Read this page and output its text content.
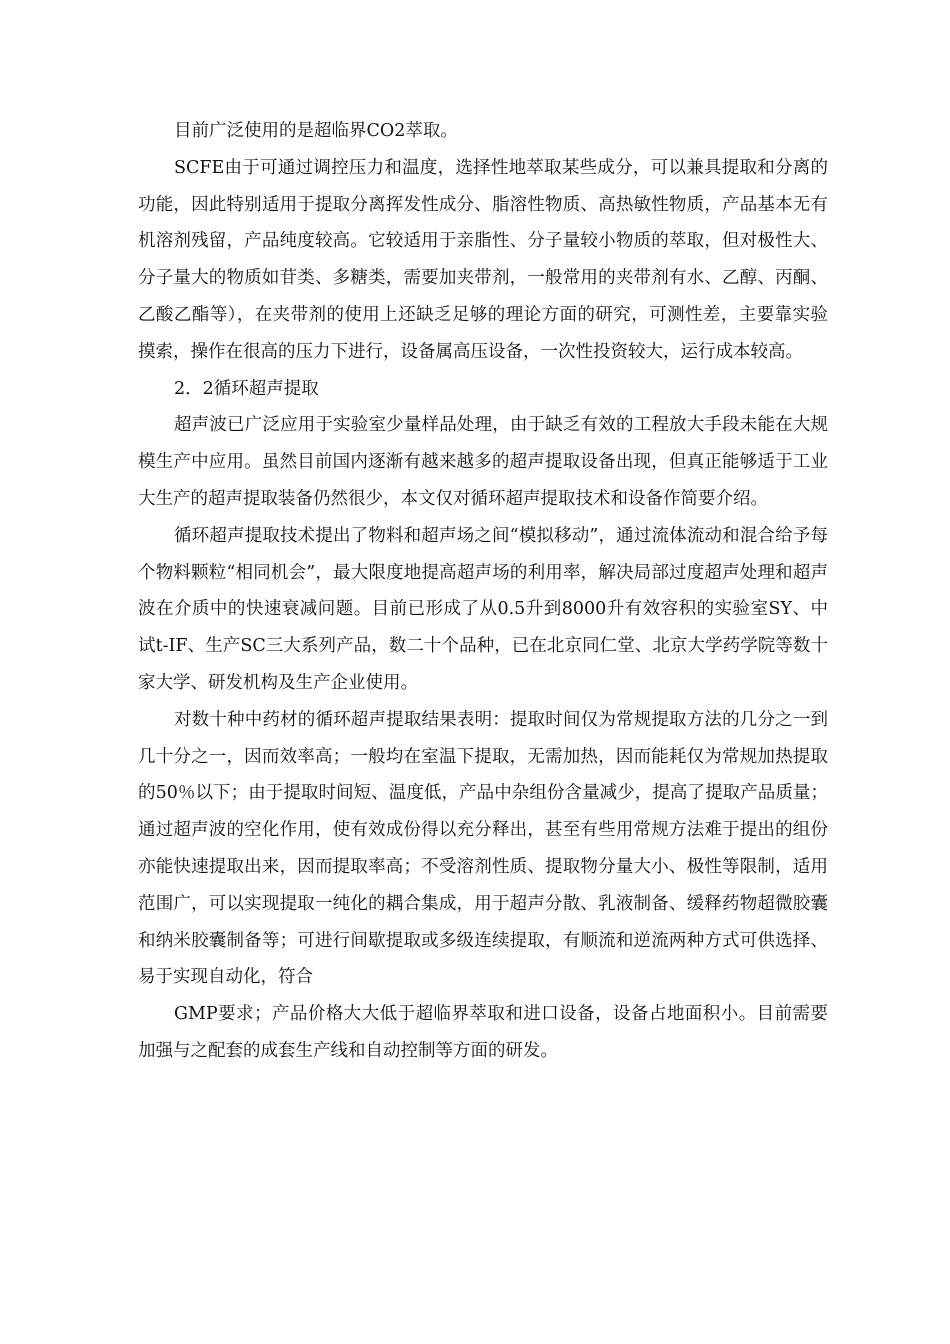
目前广泛使用的是超临界CO2萃取。

SCFE由于可通过调控压力和温度，选择性地萃取某些成分，可以兼具提取和分离的功能，因此特别适用于提取分离挥发性成分、脂溶性物质、高热敏性物质，产品基本无有机溶剂残留，产品纯度较高。它较适用于亲脂性、分子量较小物质的萃取，但对极性大、分子量大的物质如苷类、多糖类，需要加夹带剂，一般常用的夹带剂有水、乙醇、丙酮、乙酸乙酯等），在夹带剂的使用上还缺乏足够的理论方面的研究，可测性差，主要靠实验摸索，操作在很高的压力下进行，设备属高压设备，一次性投资较大，运行成本较高。

2．2循环超声提取

超声波已广泛应用于实验室少量样品处理，由于缺乏有效的工程放大手段未能在大规模生产中应用。虽然目前国内逐渐有越来越多的超声提取设备出现，但真正能够适于工业大生产的超声提取装备仍然很少，本文仅对循环超声提取技术和设备作简要介绍。

循环超声提取技术提出了物料和超声场之间“模拟移动”，通过流体流动和混合给予每个物料颗粒“相同机会”，最大限度地提高超声场的利用率，解决局部过度超声处理和超声波在介质中的快速衰减问题。目前已形成了从0.5升到8000升有效容积的实验室SY、中试t-IF、生产SC三大系列产品，数二十个品种，已在北京同仁堂、北京大学药学院等数十家大学、研发机构及生产企业使用。

对数十种中药材的循环超声提取结果表明：提取时间仅为常规提取方法的几分之一到几十分之一，因而效率高；一般均在室温下提取，无需加热，因而能耗仅为常规加热提取的50％以下；由于提取时间短、温度低，产品中杂组份含量减少，提高了提取产品质量；通过超声波的空化作用，使有效成份得以充分释出，甚至有些用常规方法难于提出的组份亦能快速提取出来，因而提取率高；不受溶剂性质、提取物分量大小、极性等限制，适用范围广，可以实现提取一纯化的耦合集成，用于超声分散、乳液制备、缓释药物超微胶囊和纳米胶囊制备等；可进行间歇提取或多级连续提取，有顺流和逆流两种方式可供选择、易于实现自动化，符合

GMP要求；产品价格大大低于超临界萃取和进口设备，设备占地面积小。目前需要加强与之配套的成套生产线和自动控制等方面的研发。
